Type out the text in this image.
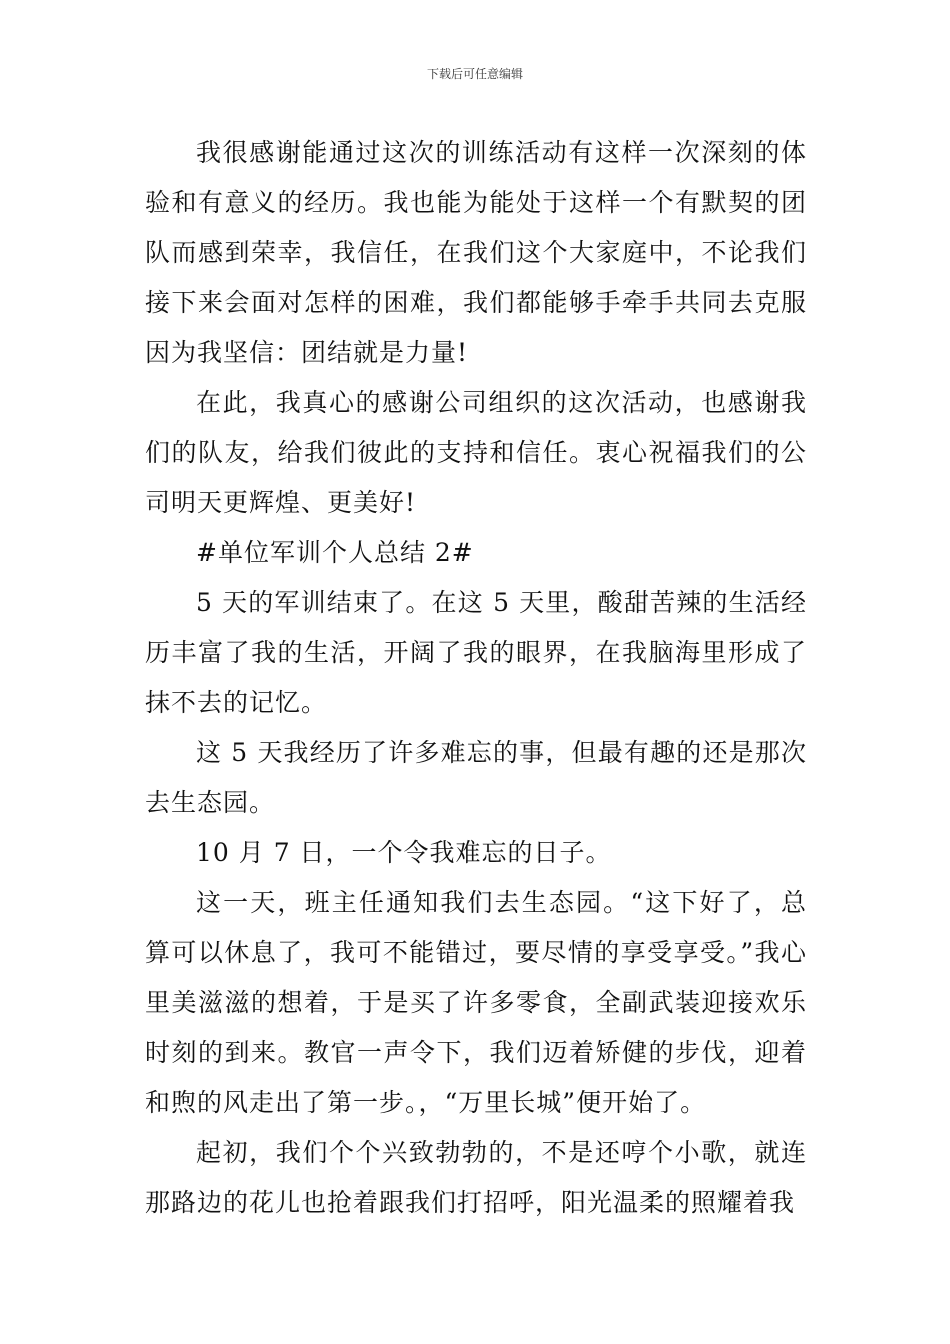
下载后可任意编辑

我很感谢能通过这次的训练活动有这样一次深刻的体验和有意义的经历。我也能为能处于这样一个有默契的团队而感到荣幸，我信任，在我们这个大家庭中，不论我们接下来会面对怎样的困难，我们都能够手牵手共同去克服因为我坚信：团结就是力量!

在此，我真心的感谢公司组织的这次活动，也感谢我们的队友，给我们彼此的支持和信任。衷心祝福我们的公司明天更辉煌、更美好!

#单位军训个人总结 2#

5 天的军训结束了。在这 5 天里，酸甜苦辣的生活经历丰富了我的生活，开阔了我的眼界，在我脑海里形成了抹不去的记忆。

这 5 天我经历了许多难忘的事，但最有趣的还是那次去生态园。

10 月 7 日，一个令我难忘的日子。

这一天，班主任通知我们去生态园。“这下好了，总算可以休息了，我可不能错过，要尽情的享受享受。”我心里美滋滋的想着，于是买了许多零食，全副武装迎接欢乐时刻的到来。教官一声令下，我们迈着矫健的步伐，迎着和煦的风走出了第一步。，“万里长城”便开始了。

起初，我们个个兴致勃勃的，不是还哼个小歌，就连那路边的花儿也抢着跟我们打招呼，阳光温柔的照耀着我
